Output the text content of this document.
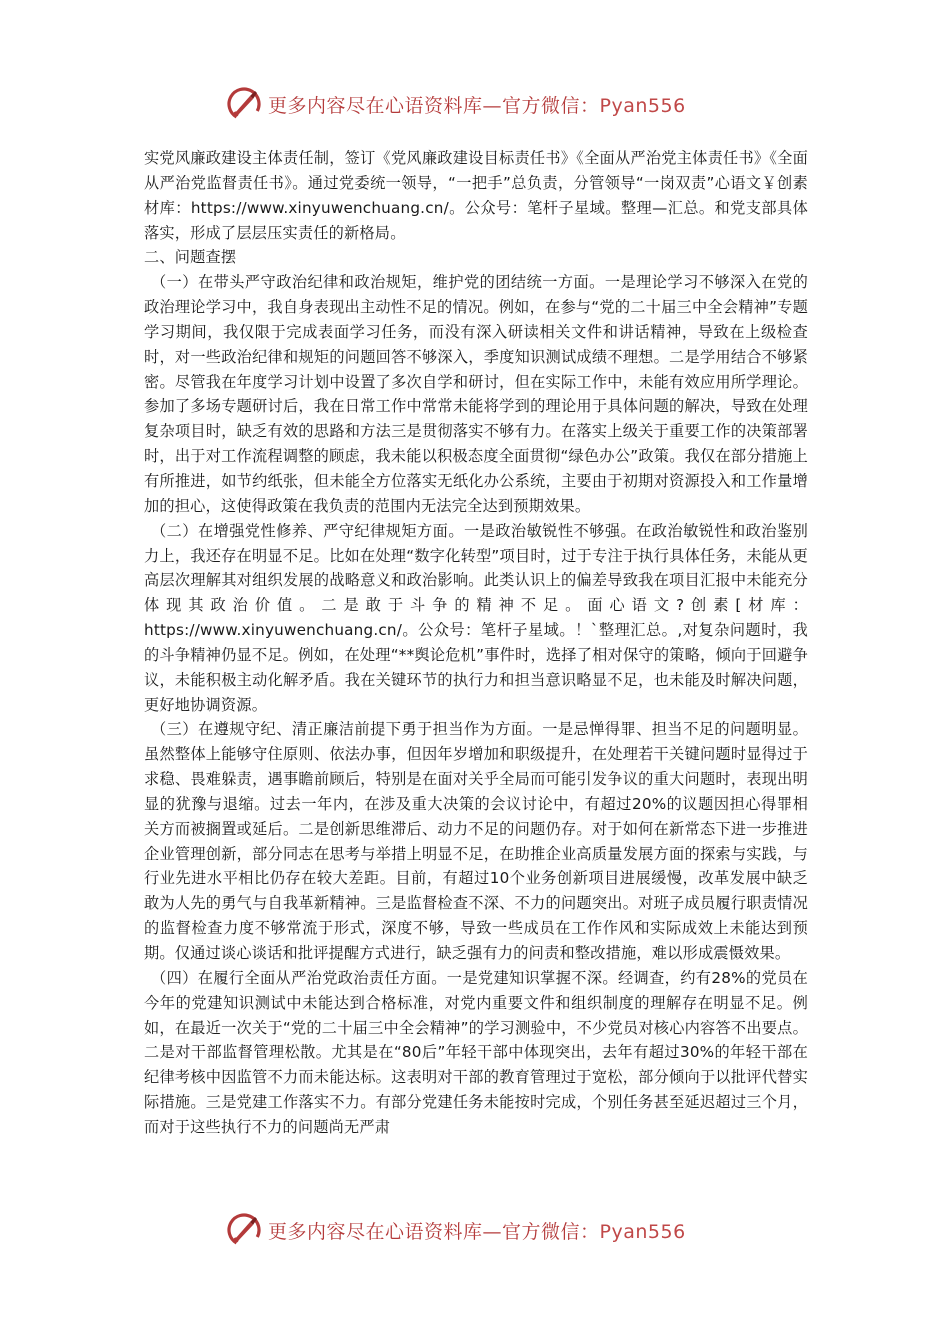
更多内容尽在心语资料库—官方微信：Pyan556

实党风廉政建设主体责任制，签订《党风廉政建设目标责任书》《全面从严治党主体责任书》《全面从严治党监督责任书》。通过党委统一领导，“一把手”总负责，分管领导“一岗双责”心语文￥创素材库：https://www.xinyuwenchuang.cn/。公众号：笔杆子星域。整理—汇总。和党支部具体落实，形成了层层压实责任的新格局。

二、问题查摆

（一）在带头严守政治纪律和政治规矩，维护党的团结统一方面。一是理论学习不够深入在党的政治理论学习中，我自身表现出主动性不足的情况。例如，在参与“党的二十届三中全会精神”专题学习期间，我仅限于完成表面学习任务，而没有深入研读相关文件和讲话精神，导致在上级检查时，对一些政治纪律和规矩的问题回答不够深入，季度知识测试成绩不理想。二是学用结合不够紧密。尽管我在年度学习计划中设置了多次自学和研讨，但在实际工作中，未能有效应用所学理论。参加了多场专题研讨后，我在日常工作中常常未能将学到的理论用于具体问题的解决，导致在处理复杂项目时，缺乏有效的思路和方法三是贯彻落实不够有力。在落实上级关于重要工作的决策部署时，出于对工作流程调整的顾虑，我未能以积极态度全面贯彻“绿色办公”政策。我仅在部分措施上有所推进，如节约纸张，但未能全方位落实无纸化办公系统，主要由于初期对资源投入和工作量增加的担心，这使得政策在我负责的范围内无法完全达到预期效果。

（二）在增强党性修养、严守纪律规矩方面。一是政治敏锐性不够强。在政治敏锐性和政治鉴别力上，我还存在明显不足。比如在处理“数字化转型”项目时，过于专注于执行具体任务，未能从更高层次理解其对组织发展的战略意义和政治影响。此类认识上的偏差导致我在项目汇报中未能充分体现其政治价值。二是敢于斗争的精神不足。面心语文?创素[材库：https://www.xinyuwenchuang.cn/。公众号：笔杆子星域。！`整理汇总。,对复杂问题时，我的斗争精神仍显不足。例如，在处理“**舆论危机”事件时，选择了相对保守的策略，倾向于回避争议，未能积极主动化解矛盾。我在关键环节的执行力和担当意识略显不足，也未能及时解决问题，更好地协调资源。

（三）在遵规守纪、清正廉洁前提下勇于担当作为方面。一是忌惮得罪、担当不足的问题明显。虽然整体上能够守住原则、依法办事，但因年岁增加和职级提升，在处理若干关键问题时显得过于求稳、畏难躲责，遇事瞻前顾后，特别是在面对关乎全局而可能引发争议的重大问题时，表现出明显的犹豫与退缩。过去一年内，在涉及重大决策的会议讨论中，有超过20%的议题因担心得罪相关方而被搁置或延后。二是创新思维滞后、动力不足的问题仍存。对于如何在新常态下进一步推进企业管理创新，部分同志在思考与举措上明显不足，在助推企业高质量发展方面的探索与实践，与行业先进水平相比仍存在较大差距。目前，有超过10个业务创新项目进展缓慢，改革发展中缺乏敢为人先的勇气与自我革新精神。三是监督检查不深、不力的问题突出。对班子成员履行职责情况的监督检查力度不够常流于形式，深度不够，导致一些成员在工作作风和实际成效上未能达到预期。仅通过谈心谈话和批评提醒方式进行，缺乏强有力的问责和整改措施，难以形成震慑效果。

（四）在履行全面从严治党政治责任方面。一是党建知识掌握不深。经调查，约有28%的党员在今年的党建知识测试中未能达到合格标准，对党内重要文件和组织制度的理解存在明显不足。例如，在最近一次关于“党的二十届三中全会精神”的学习测验中，不少党员对核心内容答不出要点。二是对干部监督管理松散。尤其是在“80后”年轻干部中体现突出，去年有超过30%的年轻干部在纪律考核中因监管不力而未能达标。这表明对干部的教育管理过于宽松，部分倾向于以批评代替实际措施。三是党建工作落实不力。有部分党建任务未能按时完成，个别任务甚至延迟超过三个月，而对于这些执行不力的问题尚无严肃

更多内容尽在心语资料库—官方微信：Pyan556
